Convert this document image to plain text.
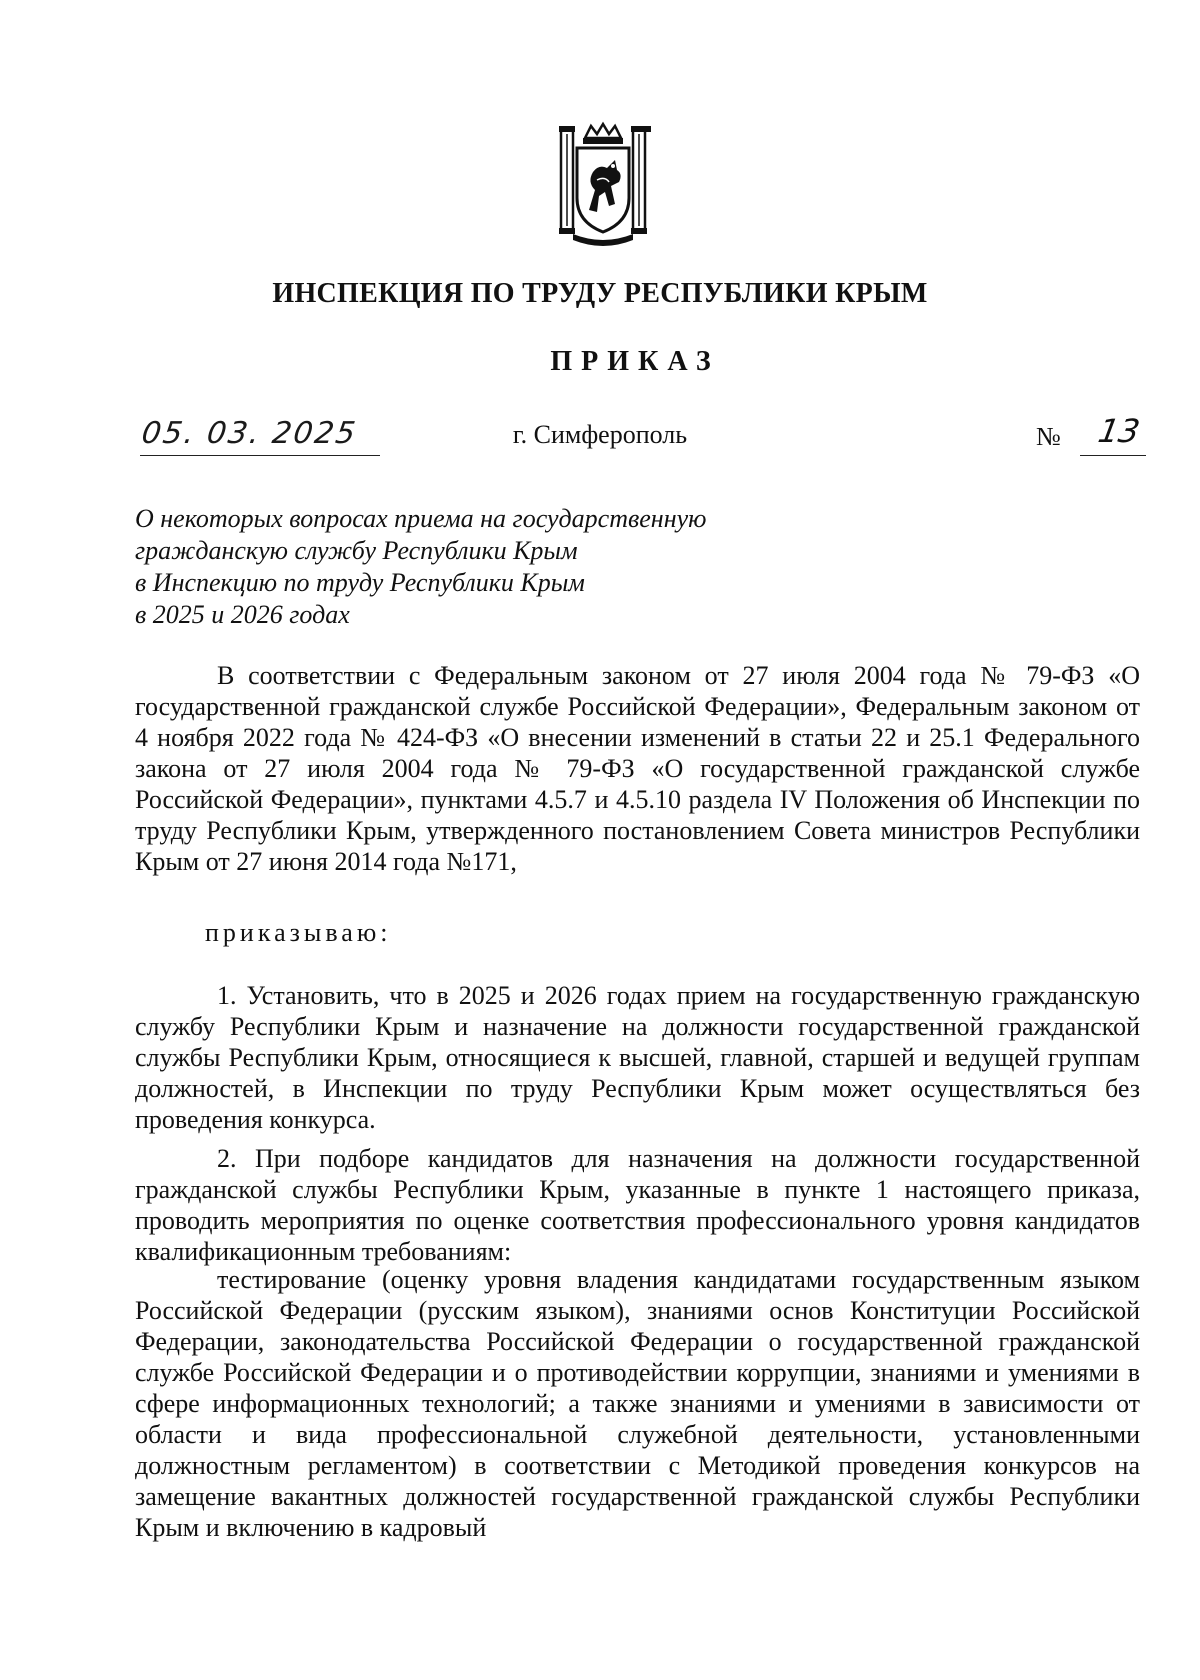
ИНСПЕКЦИЯ ПО ТРУДУ РЕСПУБЛИКИ КРЫМ
ПРИКАЗ
05. 03. 2025	г. Симферополь	№ 13
О некоторых вопросах приема на государственную
гражданскую службу Республики Крым
в Инспекцию по труду Республики Крым
в 2025 и 2026 годах
В соответствии с Федеральным законом от 27 июля 2004 года № 79-ФЗ «О государственной гражданской службе Российской Федерации», Федеральным законом от 4 ноября 2022 года № 424-ФЗ «О внесении изменений в статьи 22 и 25.1 Федерального закона от 27 июля 2004 года № 79-ФЗ «О государственной гражданской службе Российской Федерации», пунктами 4.5.7 и 4.5.10 раздела IV Положения об Инспекции по труду Республики Крым, утвержденного постановлением Совета министров Республики Крым от 27 июня 2014 года №171,
приказываю:
1. Установить, что в 2025 и 2026 годах прием на государственную гражданскую службу Республики Крым и назначение на должности государственной гражданской службы Республики Крым, относящиеся к высшей, главной, старшей и ведущей группам должностей, в Инспекции по труду Республики Крым может осуществляться без проведения конкурса.
2. При подборе кандидатов для назначения на должности государственной гражданской службы Республики Крым, указанные в пункте 1 настоящего приказа, проводить мероприятия по оценке соответствия профессионального уровня кандидатов квалификационным требованиям:
тестирование (оценку уровня владения кандидатами государственным языком Российской Федерации (русским языком), знаниями основ Конституции Российской Федерации, законодательства Российской Федерации о государственной гражданской службе Российской Федерации и о противодействии коррупции, знаниями и умениями в сфере информационных технологий; а также знаниями и умениями в зависимости от области и вида профессиональной служебной деятельности, установленными должностным регламентом) в соответствии с Методикой проведения конкурсов на замещение вакантных должностей государственной гражданской службы Республики Крым и включению в кадровый
